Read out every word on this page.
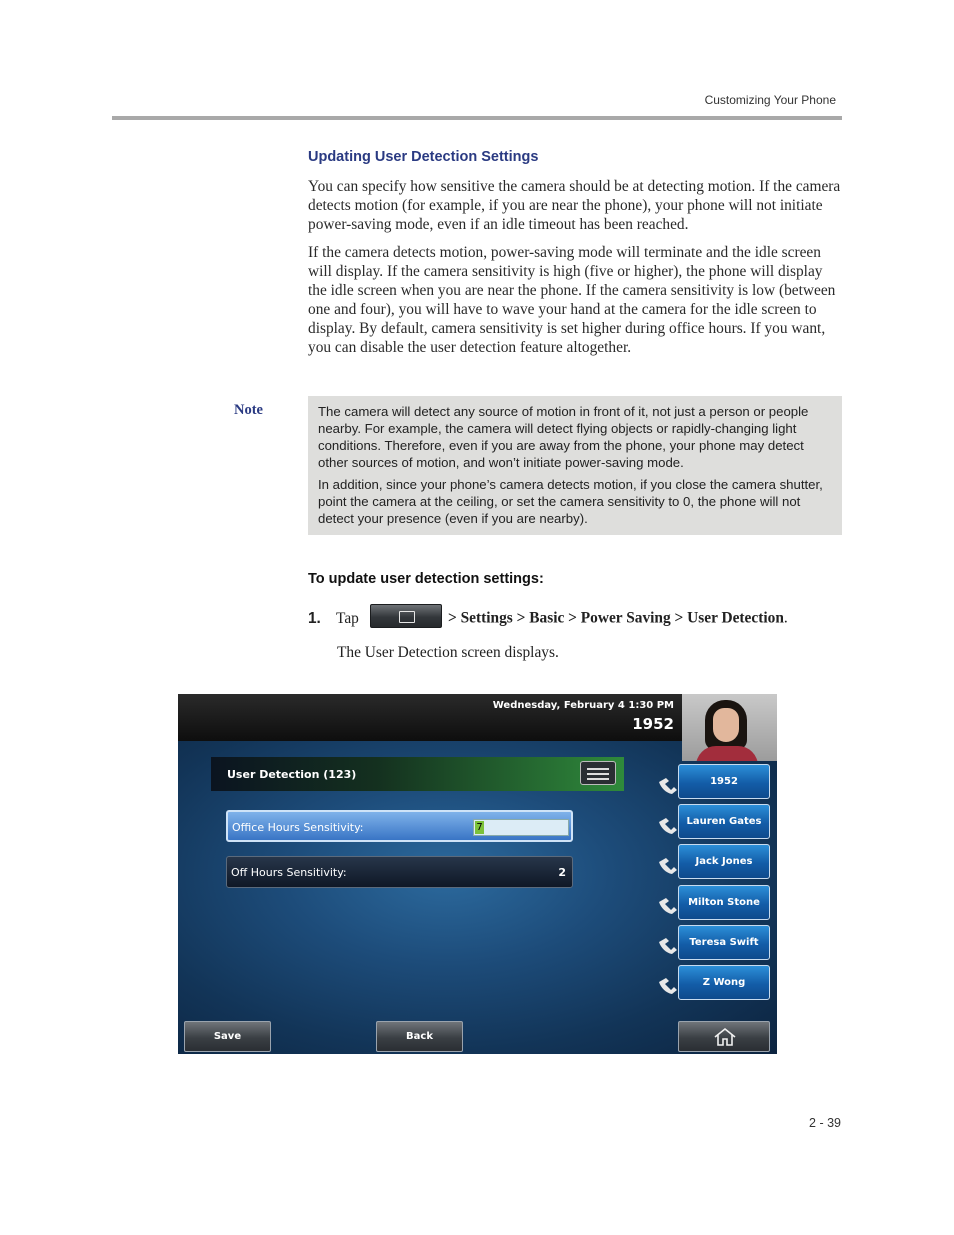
Customizing Your Phone
Updating User Detection Settings

You can specify how sensitive the camera should be at detecting motion. If the camera detects motion (for example, if you are near the phone), your phone will not initiate power-saving mode, even if an idle timeout has been reached.

If the camera detects motion, power-saving mode will terminate and the idle screen will display. If the camera sensitivity is high (five or higher), the phone will display the idle screen when you are near the phone. If the camera sensitivity is low (between one and four), you will have to wave your hand at the camera for the idle screen to display. By default, camera sensitivity is set higher during office hours. If you want, you can disable the user detection feature altogether.

Note	The camera will detect any source of motion in front of it, not just a person or people nearby. For example, the camera will detect flying objects or rapidly-changing light conditions. Therefore, even if you are away from the phone, your phone may detect other sources of motion, and won’t initiate power-saving mode.

In addition, since your phone’s camera detects motion, if you close the camera shutter, point the camera at the ceiling, or set the camera sensitivity to 0, the phone will not detect your presence (even if you are nearby).

To update user detection settings:
1. Tap	> Settings > Basic > Power Saving > User Detection.
The User Detection screen displays.
Wednesday, February 4 1:30 PM
1952
User Detection (123)
Office Hours Sensitivity:	7
Off Hours Sensitivity:	2
1952
Lauren Gates
Jack Jones
Milton Stone
Teresa Swift
Z Wong
Save	Back
2 - 39
